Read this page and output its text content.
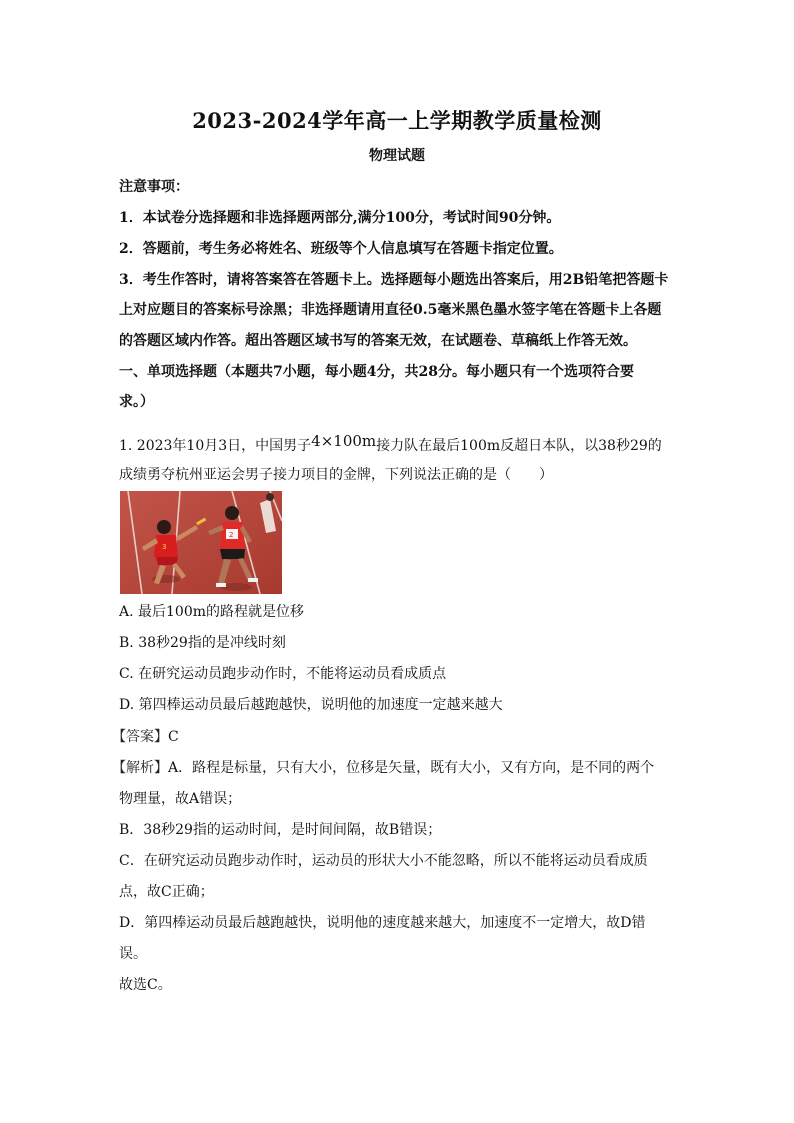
2023-2024学年高一上学期教学质量检测
物理试题
注意事项：
1．本试卷分选择题和非选择题两部分,满分100分，考试时间90分钟。
2．答题前，考生务必将姓名、班级等个人信息填写在答题卡指定位置。
3．考生作答时，请将答案答在答题卡上。选择题每小题选出答案后，用2B铅笔把答题卡
上对应题目的答案标号涂黑；非选择题请用直径0.5毫米黑色墨水签字笔在答题卡上各题
的答题区域内作答。超出答题区域书写的答案无效，在试题卷、草稿纸上作答无效。
一、单项选择题（本题共7小题，每小题4分，共28分。每小题只有一个选项符合要
求。）
1. 2023年10月3日，中国男子4×100m接力队在最后100m反超日本队，以38秒29的
成绩勇夺杭州亚运会男子接力项目的金牌，下列说法正确的是（　　）
3
2
A. 最后100m的路程就是位移
B. 38秒29指的是冲线时刻
C. 在研究运动员跑步动作时，不能将运动员看成质点
D. 第四棒运动员最后越跑越快，说明他的加速度一定越来越大
【答案】C
【解析】A．路程是标量，只有大小，位移是矢量，既有大小，又有方向，是不同的两个
物理量，故A错误；
B．38秒29指的运动时间，是时间间隔，故B错误；
C．在研究运动员跑步动作时，运动员的形状大小不能忽略，所以不能将运动员看成质
点，故C正确；
D．第四棒运动员最后越跑越快，说明他的速度越来越大，加速度不一定增大，故D错
误。
故选C。
